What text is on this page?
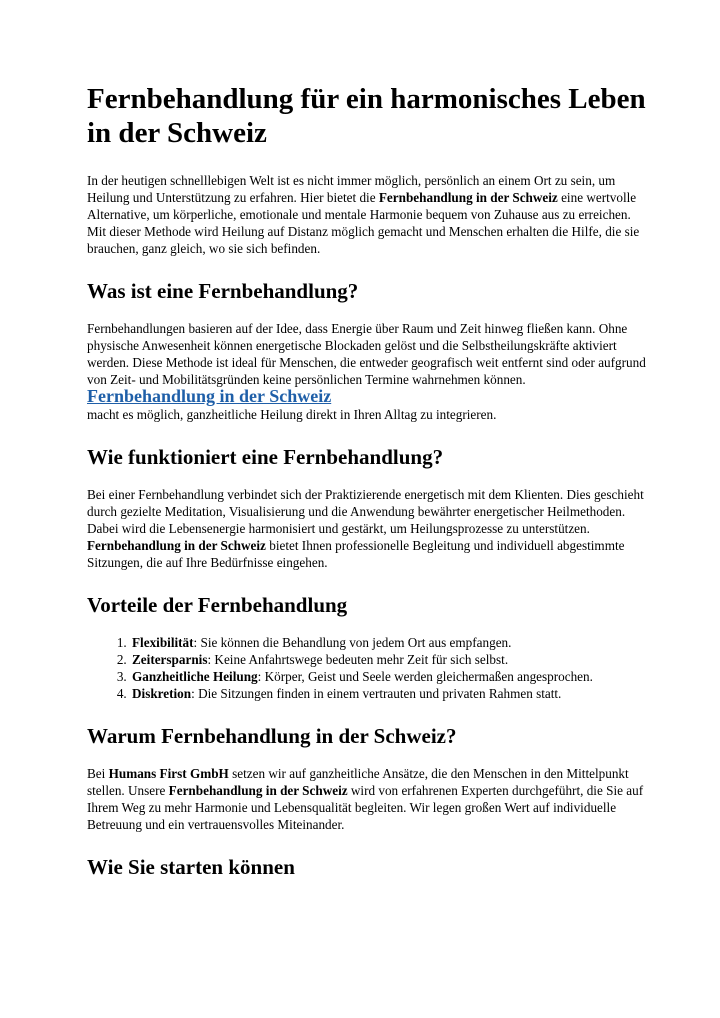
Fernbehandlung für ein harmonisches Leben in der Schweiz

In der heutigen schnelllebigen Welt ist es nicht immer möglich, persönlich an einem Ort zu sein, um Heilung und Unterstützung zu erfahren. Hier bietet die Fernbehandlung in der Schweiz eine wertvolle Alternative, um körperliche, emotionale und mentale Harmonie bequem von Zuhause aus zu erreichen. Mit dieser Methode wird Heilung auf Distanz möglich gemacht und Menschen erhalten die Hilfe, die sie brauchen, ganz gleich, wo sie sich befinden.

Was ist eine Fernbehandlung?

Fernbehandlungen basieren auf der Idee, dass Energie über Raum und Zeit hinweg fließen kann. Ohne physische Anwesenheit können energetische Blockaden gelöst und die Selbstheilungskräfte aktiviert werden. Diese Methode ist ideal für Menschen, die entweder geografisch weit entfernt sind oder aufgrund von Zeit- und Mobilitätsgründen keine persönlichen Termine wahrnehmen können. Fernbehandlung in der Schweiz
macht es möglich, ganzheitliche Heilung direkt in Ihren Alltag zu integrieren.

Wie funktioniert eine Fernbehandlung?

Bei einer Fernbehandlung verbindet sich der Praktizierende energetisch mit dem Klienten. Dies geschieht durch gezielte Meditation, Visualisierung und die Anwendung bewährter energetischer Heilmethoden. Dabei wird die Lebensenergie harmonisiert und gestärkt, um Heilungsprozesse zu unterstützen. Fernbehandlung in der Schweiz bietet Ihnen professionelle Begleitung und individuell abgestimmte Sitzungen, die auf Ihre Bedürfnisse eingehen.

Vorteile der Fernbehandlung
1. Flexibilität: Sie können die Behandlung von jedem Ort aus empfangen.
2. Zeitersparnis: Keine Anfahrtswege bedeuten mehr Zeit für sich selbst.
3. Ganzheitliche Heilung: Körper, Geist und Seele werden gleichermaßen angesprochen.
4. Diskretion: Die Sitzungen finden in einem vertrauten und privaten Rahmen statt.
Warum Fernbehandlung in der Schweiz?

Bei Humans First GmbH setzen wir auf ganzheitliche Ansätze, die den Menschen in den Mittelpunkt stellen. Unsere Fernbehandlung in der Schweiz wird von erfahrenen Experten durchgeführt, die Sie auf Ihrem Weg zu mehr Harmonie und Lebensqualität begleiten. Wir legen großen Wert auf individuelle Betreuung und ein vertrauensvolles Miteinander.

Wie Sie starten können
